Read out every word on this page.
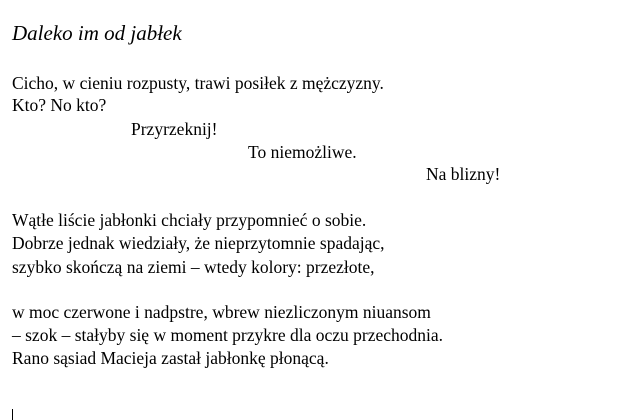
Daleko im od jabłek
Cicho, w cieniu rozpusty, trawi posiłek z mężczyzny.
Kto? No kto?
Przyrzeknij!
To niemożliwe.
Na blizny!
Wątłe liście jabłonki chciały przypomnieć o sobie.
Dobrze jednak wiedziały, że nieprzytomnie spadając,
szybko skończą na ziemi – wtedy kolory: przezłote,
w moc czerwone i nadpstre, wbrew niezliczonym niuansom
– szok – stałyby się w moment przykre dla oczu przechodnia.
Rano sąsiad Macieja zastał jabłonkę płonącą.
